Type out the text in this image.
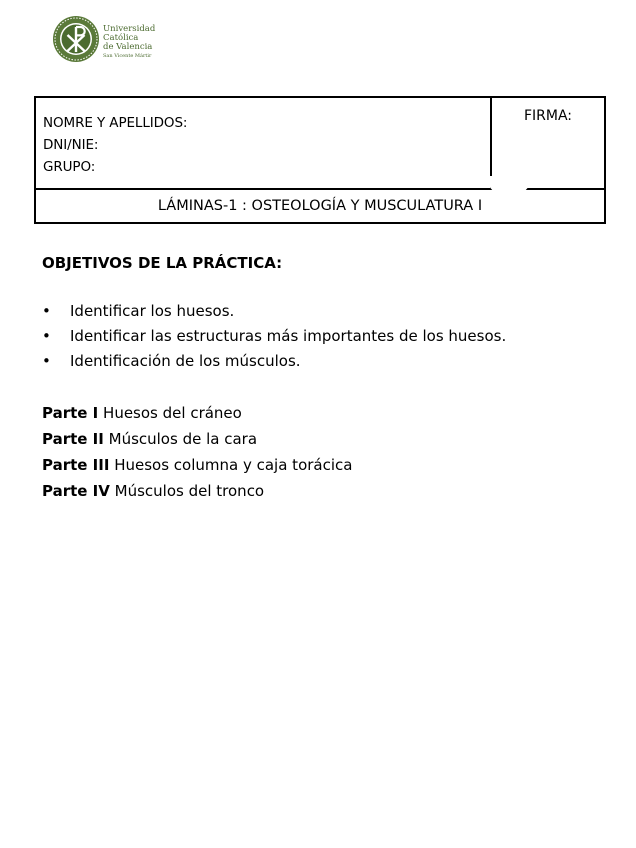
Universidad
Católica
de Valencia
San Vicente Mártir
NOMRE Y APELLIDOS:
DNI/NIE:
GRUPO:
FIRMA:
LÁMINAS-1 : OSTEOLOGÍA Y MUSCULATURA I
OBJETIVOS DE LA PRÁCTICA:
• Identificar los huesos.
• Identificar las estructuras más importantes de los huesos.
• Identificación de los músculos.
Parte I Huesos del cráneo
Parte II Músculos de la cara
Parte III Huesos columna y caja torácica
Parte IV Músculos del tronco
